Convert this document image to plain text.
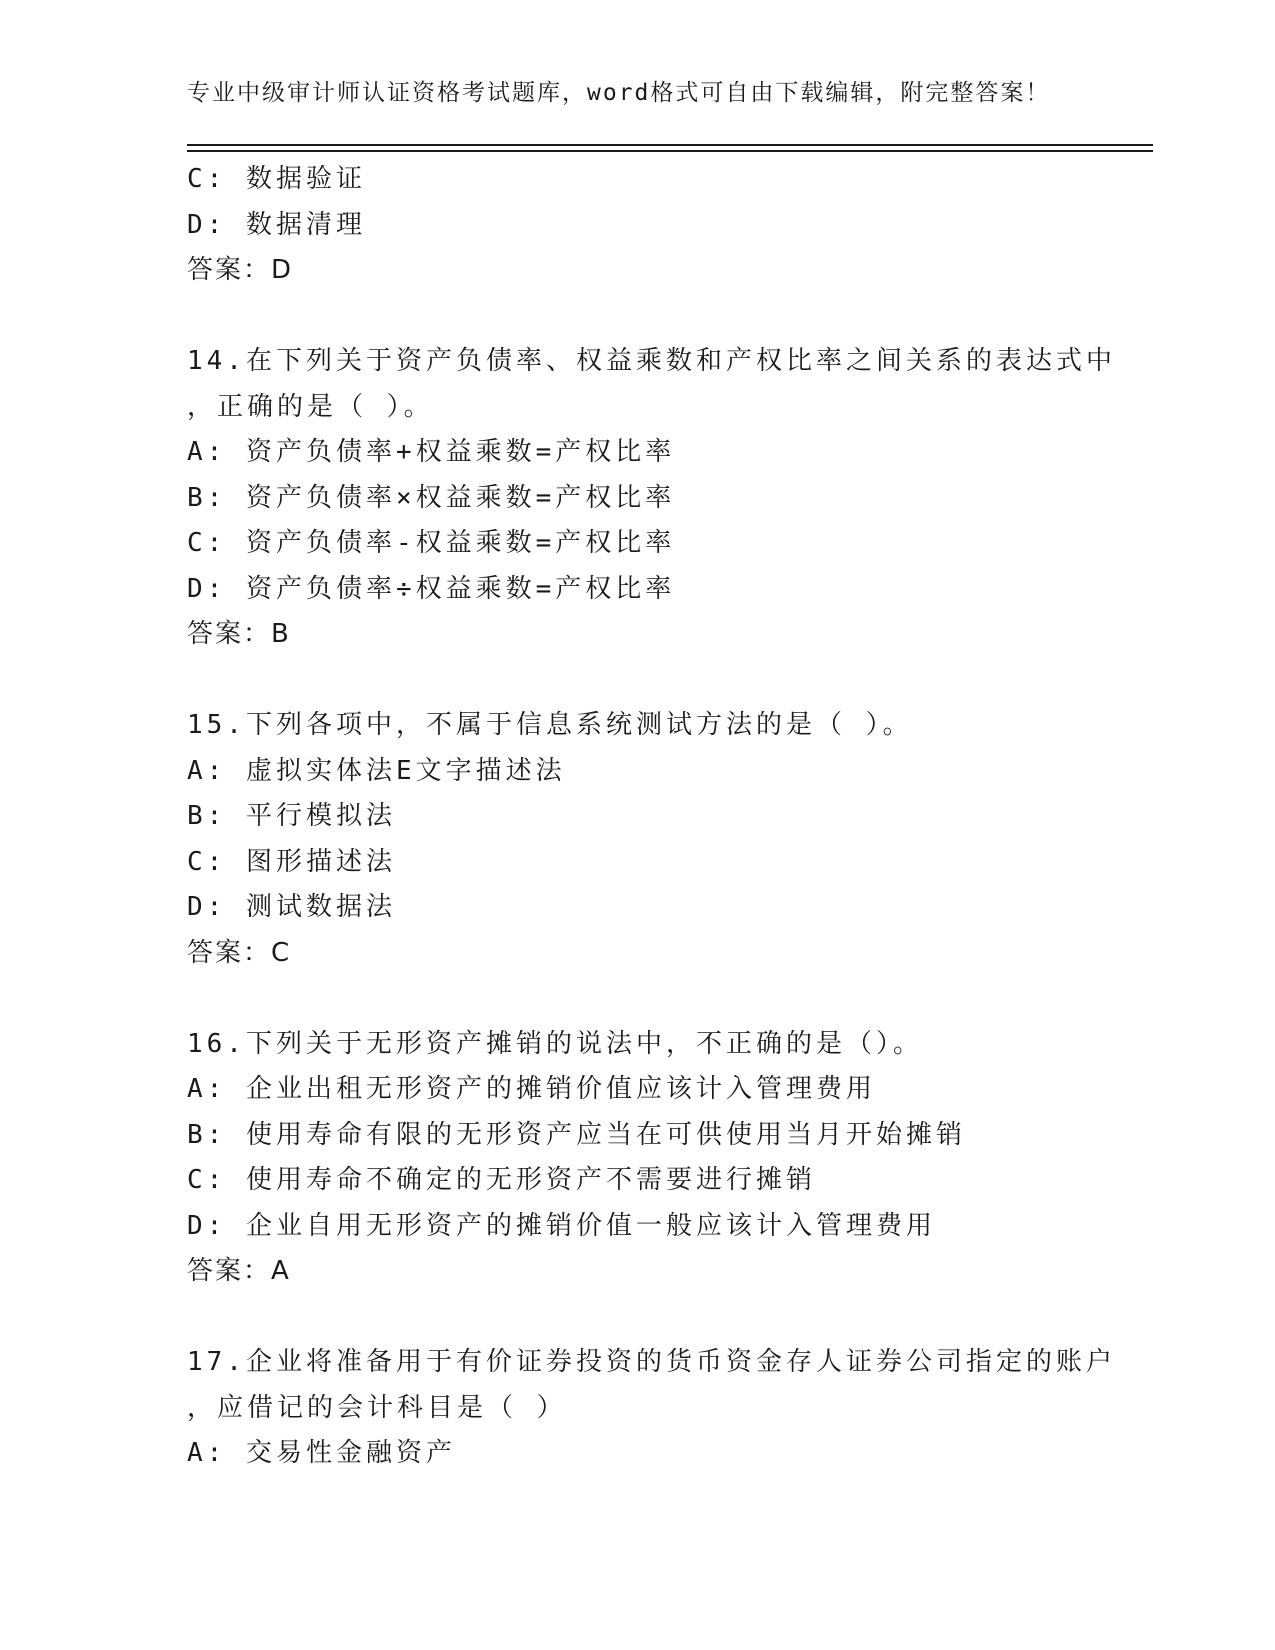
专业中级审计师认证资格考试题库，word格式可自由下载编辑，附完整答案！
C: 数据验证
D: 数据清理
答案：D
14.在下列关于资产负债率、权益乘数和产权比率之间关系的表达式中
，正确的是（ ）。
A: 资产负债率+权益乘数=产权比率
B: 资产负债率×权益乘数=产权比率
C: 资产负债率-权益乘数=产权比率
D: 资产负债率÷权益乘数=产权比率
答案：B
15.下列各项中，不属于信息系统测试方法的是（ ）。
A: 虚拟实体法E文字描述法
B: 平行模拟法
C: 图形描述法
D: 测试数据法
答案：C
16.下列关于无形资产摊销的说法中，不正确的是（）。
A: 企业出租无形资产的摊销价值应该计入管理费用
B: 使用寿命有限的无形资产应当在可供使用当月开始摊销
C: 使用寿命不确定的无形资产不需要进行摊销
D: 企业自用无形资产的摊销价值一般应该计入管理费用
答案：A
17.企业将准备用于有价证券投资的货币资金存人证券公司指定的账户
，应借记的会计科目是（ ）
A: 交易性金融资产
